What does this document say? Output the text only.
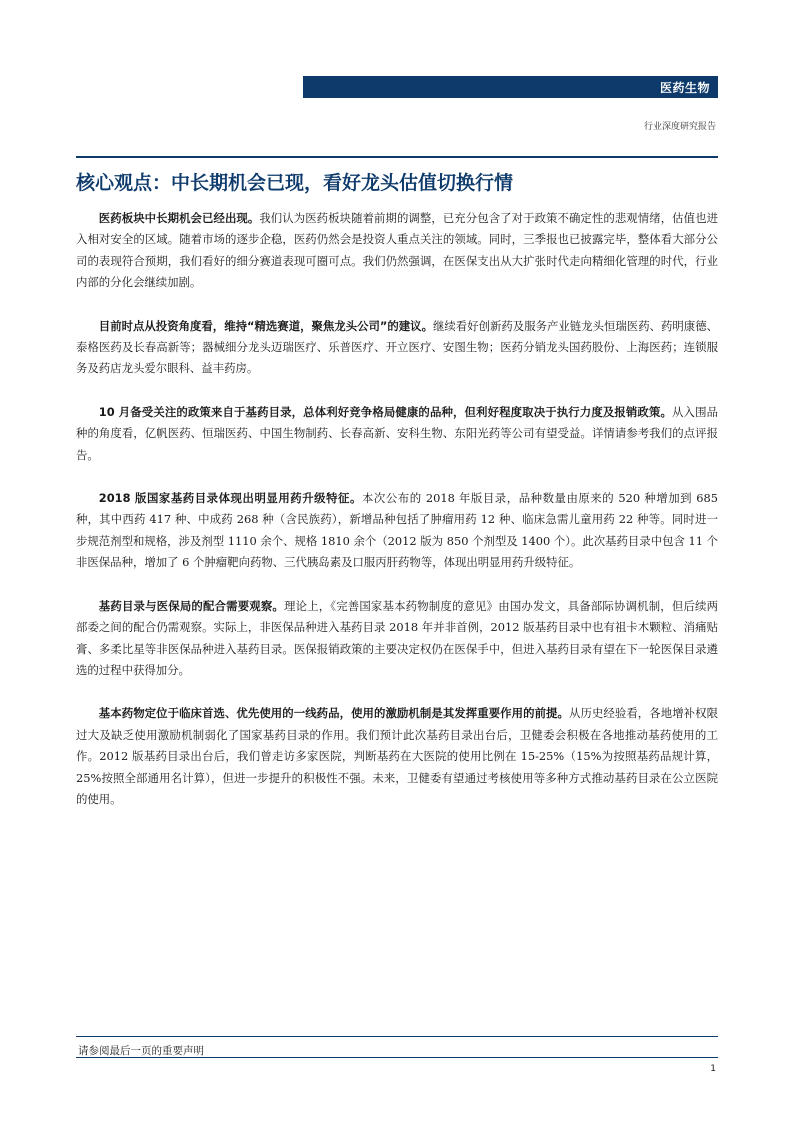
医药生物
行业深度研究报告
核心观点：中长期机会已现，看好龙头估值切换行情

医药板块中长期机会已经出现。我们认为医药板块随着前期的调整，已充分包含了对于政策不确定性的悲观情绪，估值也进入相对安全的区域。随着市场的逐步企稳，医药仍然会是投资人重点关注的领域。同时，三季报也已披露完毕，整体看大部分公司的表现符合预期，我们看好的细分赛道表现可圈可点。我们仍然强调，在医保支出从大扩张时代走向精细化管理的时代，行业内部的分化会继续加剧。

目前时点从投资角度看，维持“精选赛道，聚焦龙头公司”的建议。继续看好创新药及服务产业链龙头恒瑞医药、药明康德、泰格医药及长春高新等；器械细分龙头迈瑞医疗、乐普医疗、开立医疗、安图生物；医药分销龙头国药股份、上海医药；连锁服务及药店龙头爱尔眼科、益丰药房。

10 月备受关注的政策来自于基药目录，总体利好竞争格局健康的品种，但利好程度取决于执行力度及报销政策。从入围品种的角度看，亿帆医药、恒瑞医药、中国生物制药、长春高新、安科生物、东阳光药等公司有望受益。详情请参考我们的点评报告。

2018 版国家基药目录体现出明显用药升级特征。本次公布的 2018 年版目录，品种数量由原来的 520 种增加到 685 种，其中西药 417 种、中成药 268 种（含民族药），新增品种包括了肿瘤用药 12 种、临床急需儿童用药 22 种等。同时进一步规范剂型和规格，涉及剂型 1110 余个、规格 1810 余个（2012 版为 850 个剂型及 1400 个）。此次基药目录中包含 11 个非医保品种，增加了 6 个肿瘤靶向药物、三代胰岛素及口服丙肝药物等，体现出明显用药升级特征。

基药目录与医保局的配合需要观察。理论上，《完善国家基本药物制度的意见》由国办发文，具备部际协调机制，但后续两部委之间的配合仍需观察。实际上，非医保品种进入基药目录 2018 年并非首例，2012 版基药目录中也有祖卡木颗粒、消痛贴膏、多柔比星等非医保品种进入基药目录。医保报销政策的主要决定权仍在医保手中，但进入基药目录有望在下一轮医保目录遴选的过程中获得加分。

基本药物定位于临床首选、优先使用的一线药品，使用的激励机制是其发挥重要作用的前提。从历史经验看，各地增补权限过大及缺乏使用激励机制弱化了国家基药目录的作用。我们预计此次基药目录出台后，卫健委会积极在各地推动基药使用的工作。2012 版基药目录出台后，我们曾走访多家医院，判断基药在大医院的使用比例在 15-25%（15%为按照基药品规计算，25%按照全部通用名计算），但进一步提升的积极性不强。未来，卫健委有望通过考核使用等多种方式推动基药目录在公立医院的使用。

请参阅最后一页的重要声明
1
